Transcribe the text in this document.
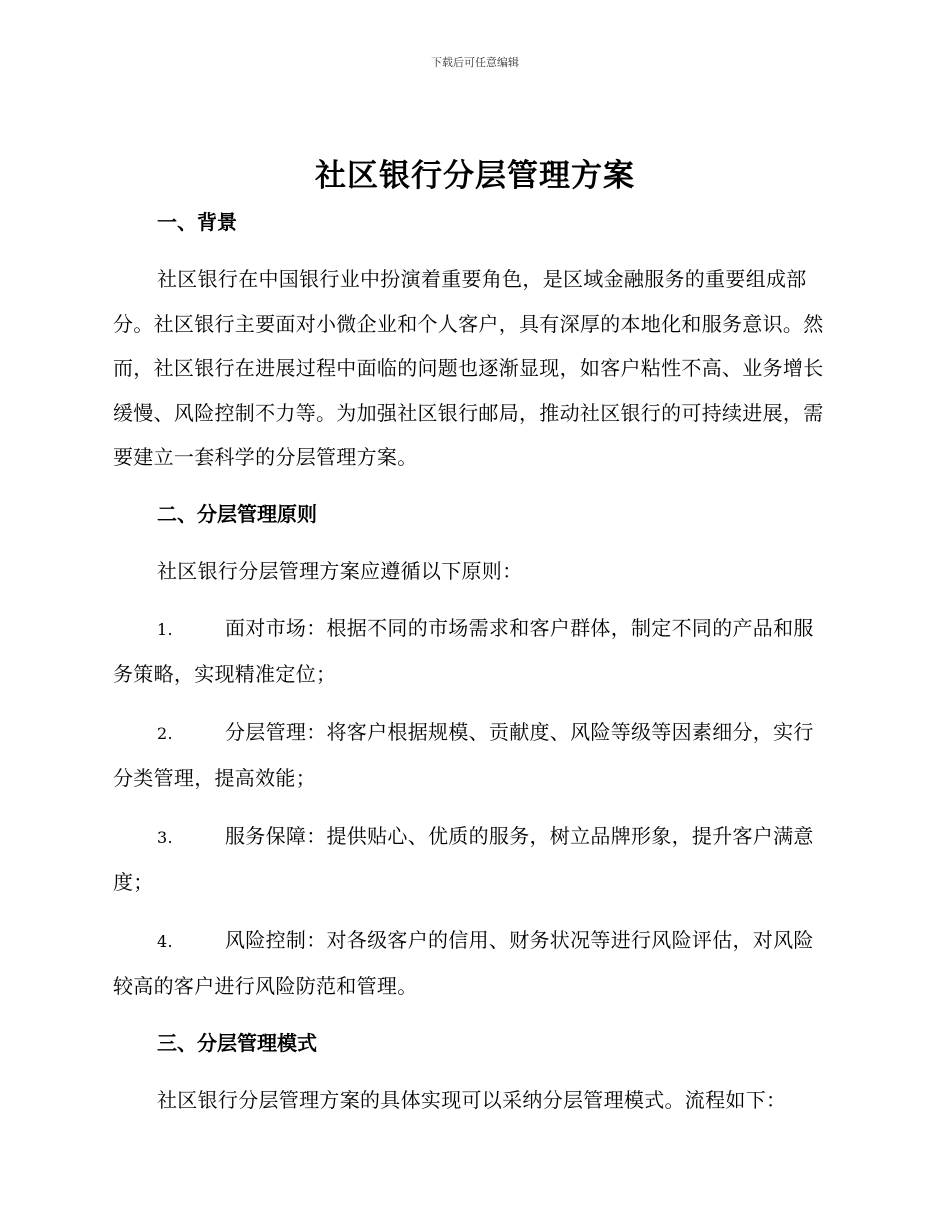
下载后可任意编辑
社区银行分层管理方案

一、背景

社区银行在中国银行业中扮演着重要角色，是区域金融服务的重要组成部分。社区银行主要面对小微企业和个人客户，具有深厚的本地化和服务意识。然而，社区银行在进展过程中面临的问题也逐渐显现，如客户粘性不高、业务增长缓慢、风险控制不力等。为加强社区银行邮局，推动社区银行的可持续进展，需要建立一套科学的分层管理方案。

二、分层管理原则

社区银行分层管理方案应遵循以下原则：

1.	面对市场：根据不同的市场需求和客户群体，制定不同的产品和服务策略，实现精准定位；

2.	分层管理：将客户根据规模、贡献度、风险等级等因素细分，实行分类管理，提高效能；

3.	服务保障：提供贴心、优质的服务，树立品牌形象，提升客户满意度；

4.	风险控制：对各级客户的信用、财务状况等进行风险评估，对风险较高的客户进行风险防范和管理。

三、分层管理模式

社区银行分层管理方案的具体实现可以采纳分层管理模式。流程如下：
